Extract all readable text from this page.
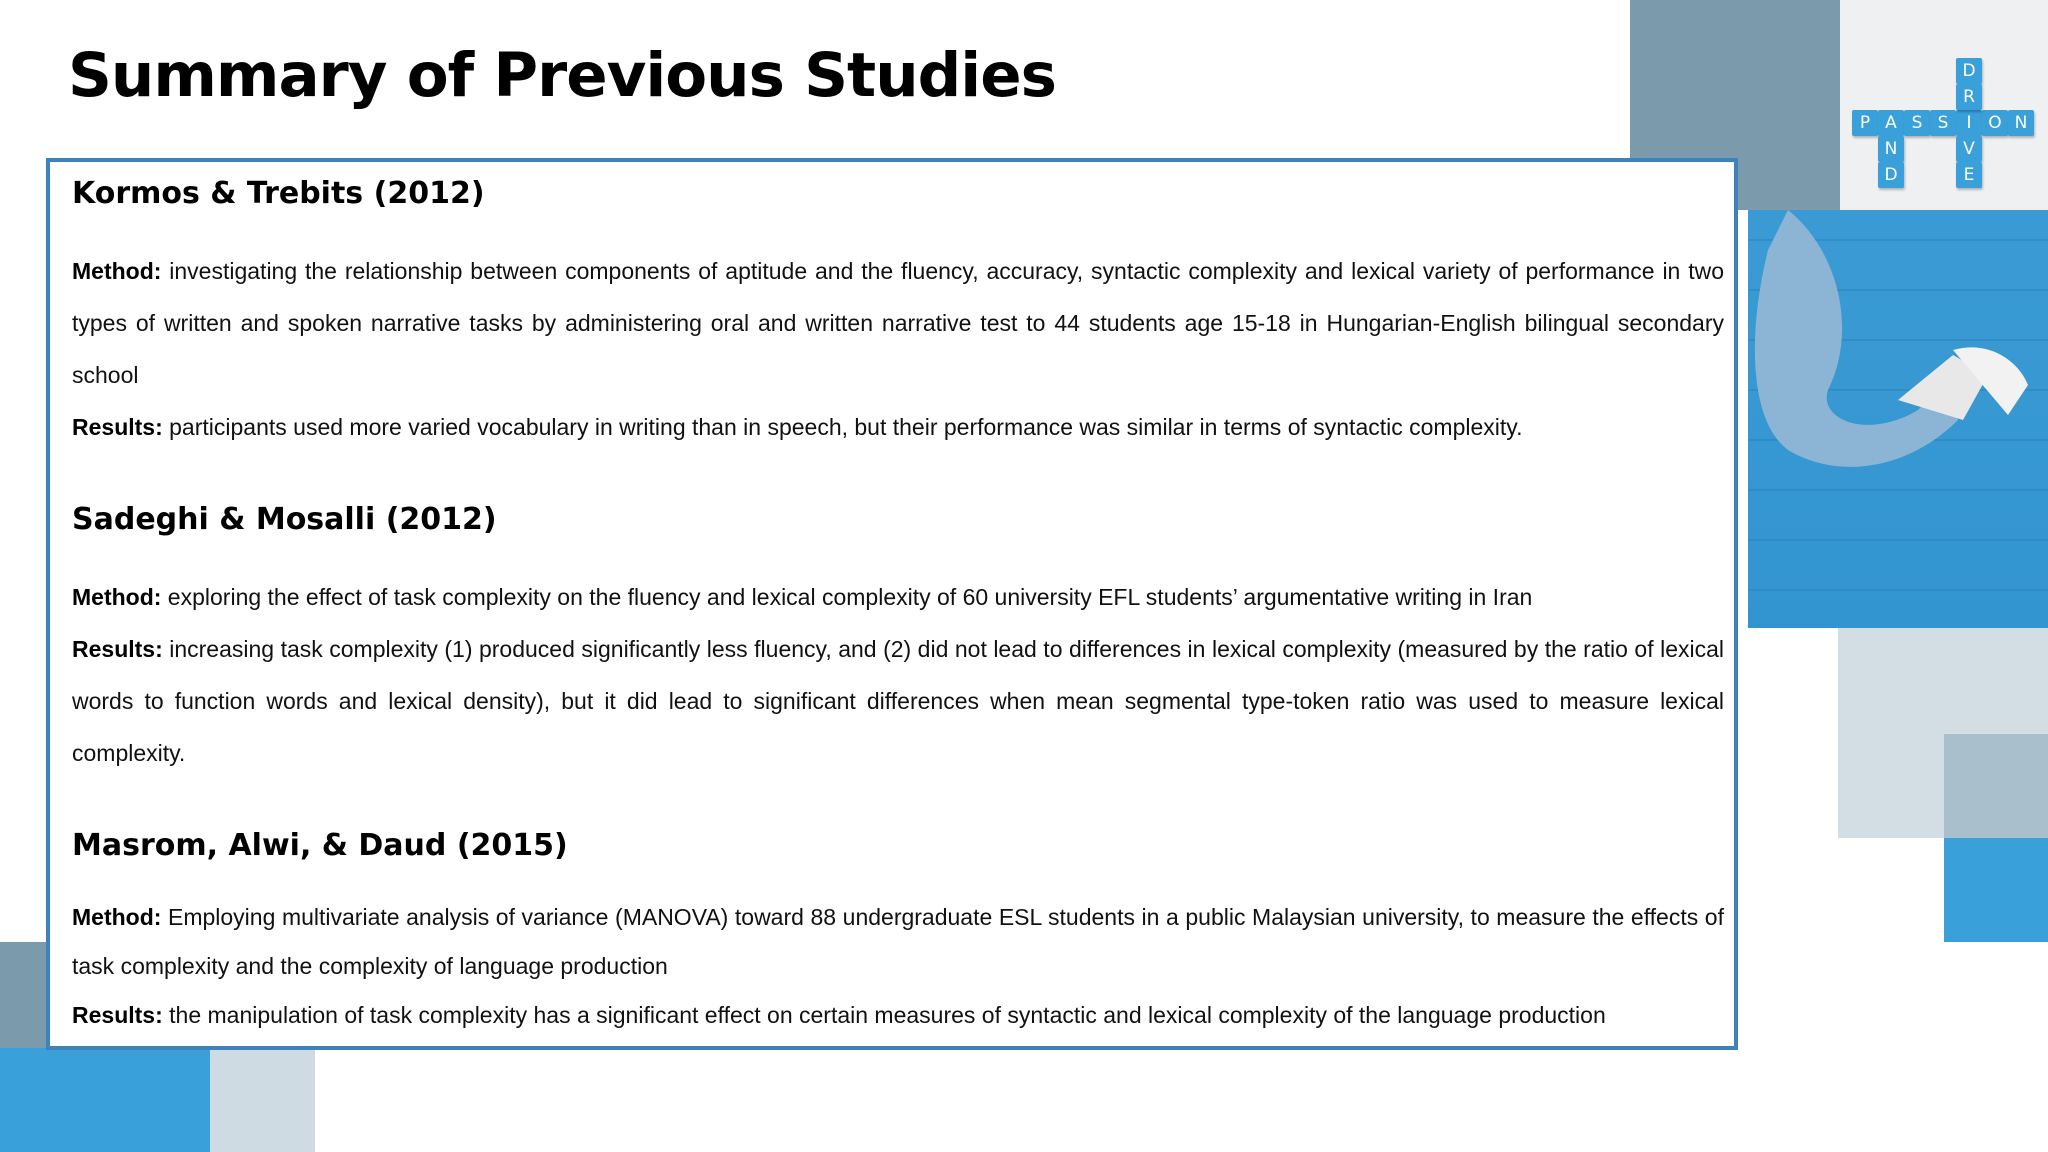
P A S S	I O N
N
D
D
R
V
E
Summary of Previous Studies
Kormos & Trebits (2012)

Method: investigating the relationship between components of aptitude and the fluency, accuracy, syntactic complexity and lexical variety of performance in two types of written and spoken narrative tasks by administering oral and written narrative test to 44 students age 15-18 in Hungarian-English bilingual secondary school

Results: participants used more varied vocabulary in writing than in speech, but their performance was similar in terms of syntactic complexity.

Sadeghi & Mosalli (2012)

Method: exploring the effect of task complexity on the fluency and lexical complexity of 60 university EFL students’ argumentative writing in Iran

Results: increasing task complexity (1) produced significantly less fluency, and (2) did not lead to differences in lexical complexity (measured by the ratio of lexical words to function words and lexical density), but it did lead to significant differences when mean segmental type-token ratio was used to measure lexical complexity.

Masrom, Alwi, & Daud (2015)

Method: Employing multivariate analysis of variance (MANOVA) toward 88 undergraduate ESL students in a public Malaysian university, to measure the effects of task complexity and the complexity of language production

Results: the manipulation of task complexity has a significant effect on certain measures of syntactic and lexical complexity of the language production
